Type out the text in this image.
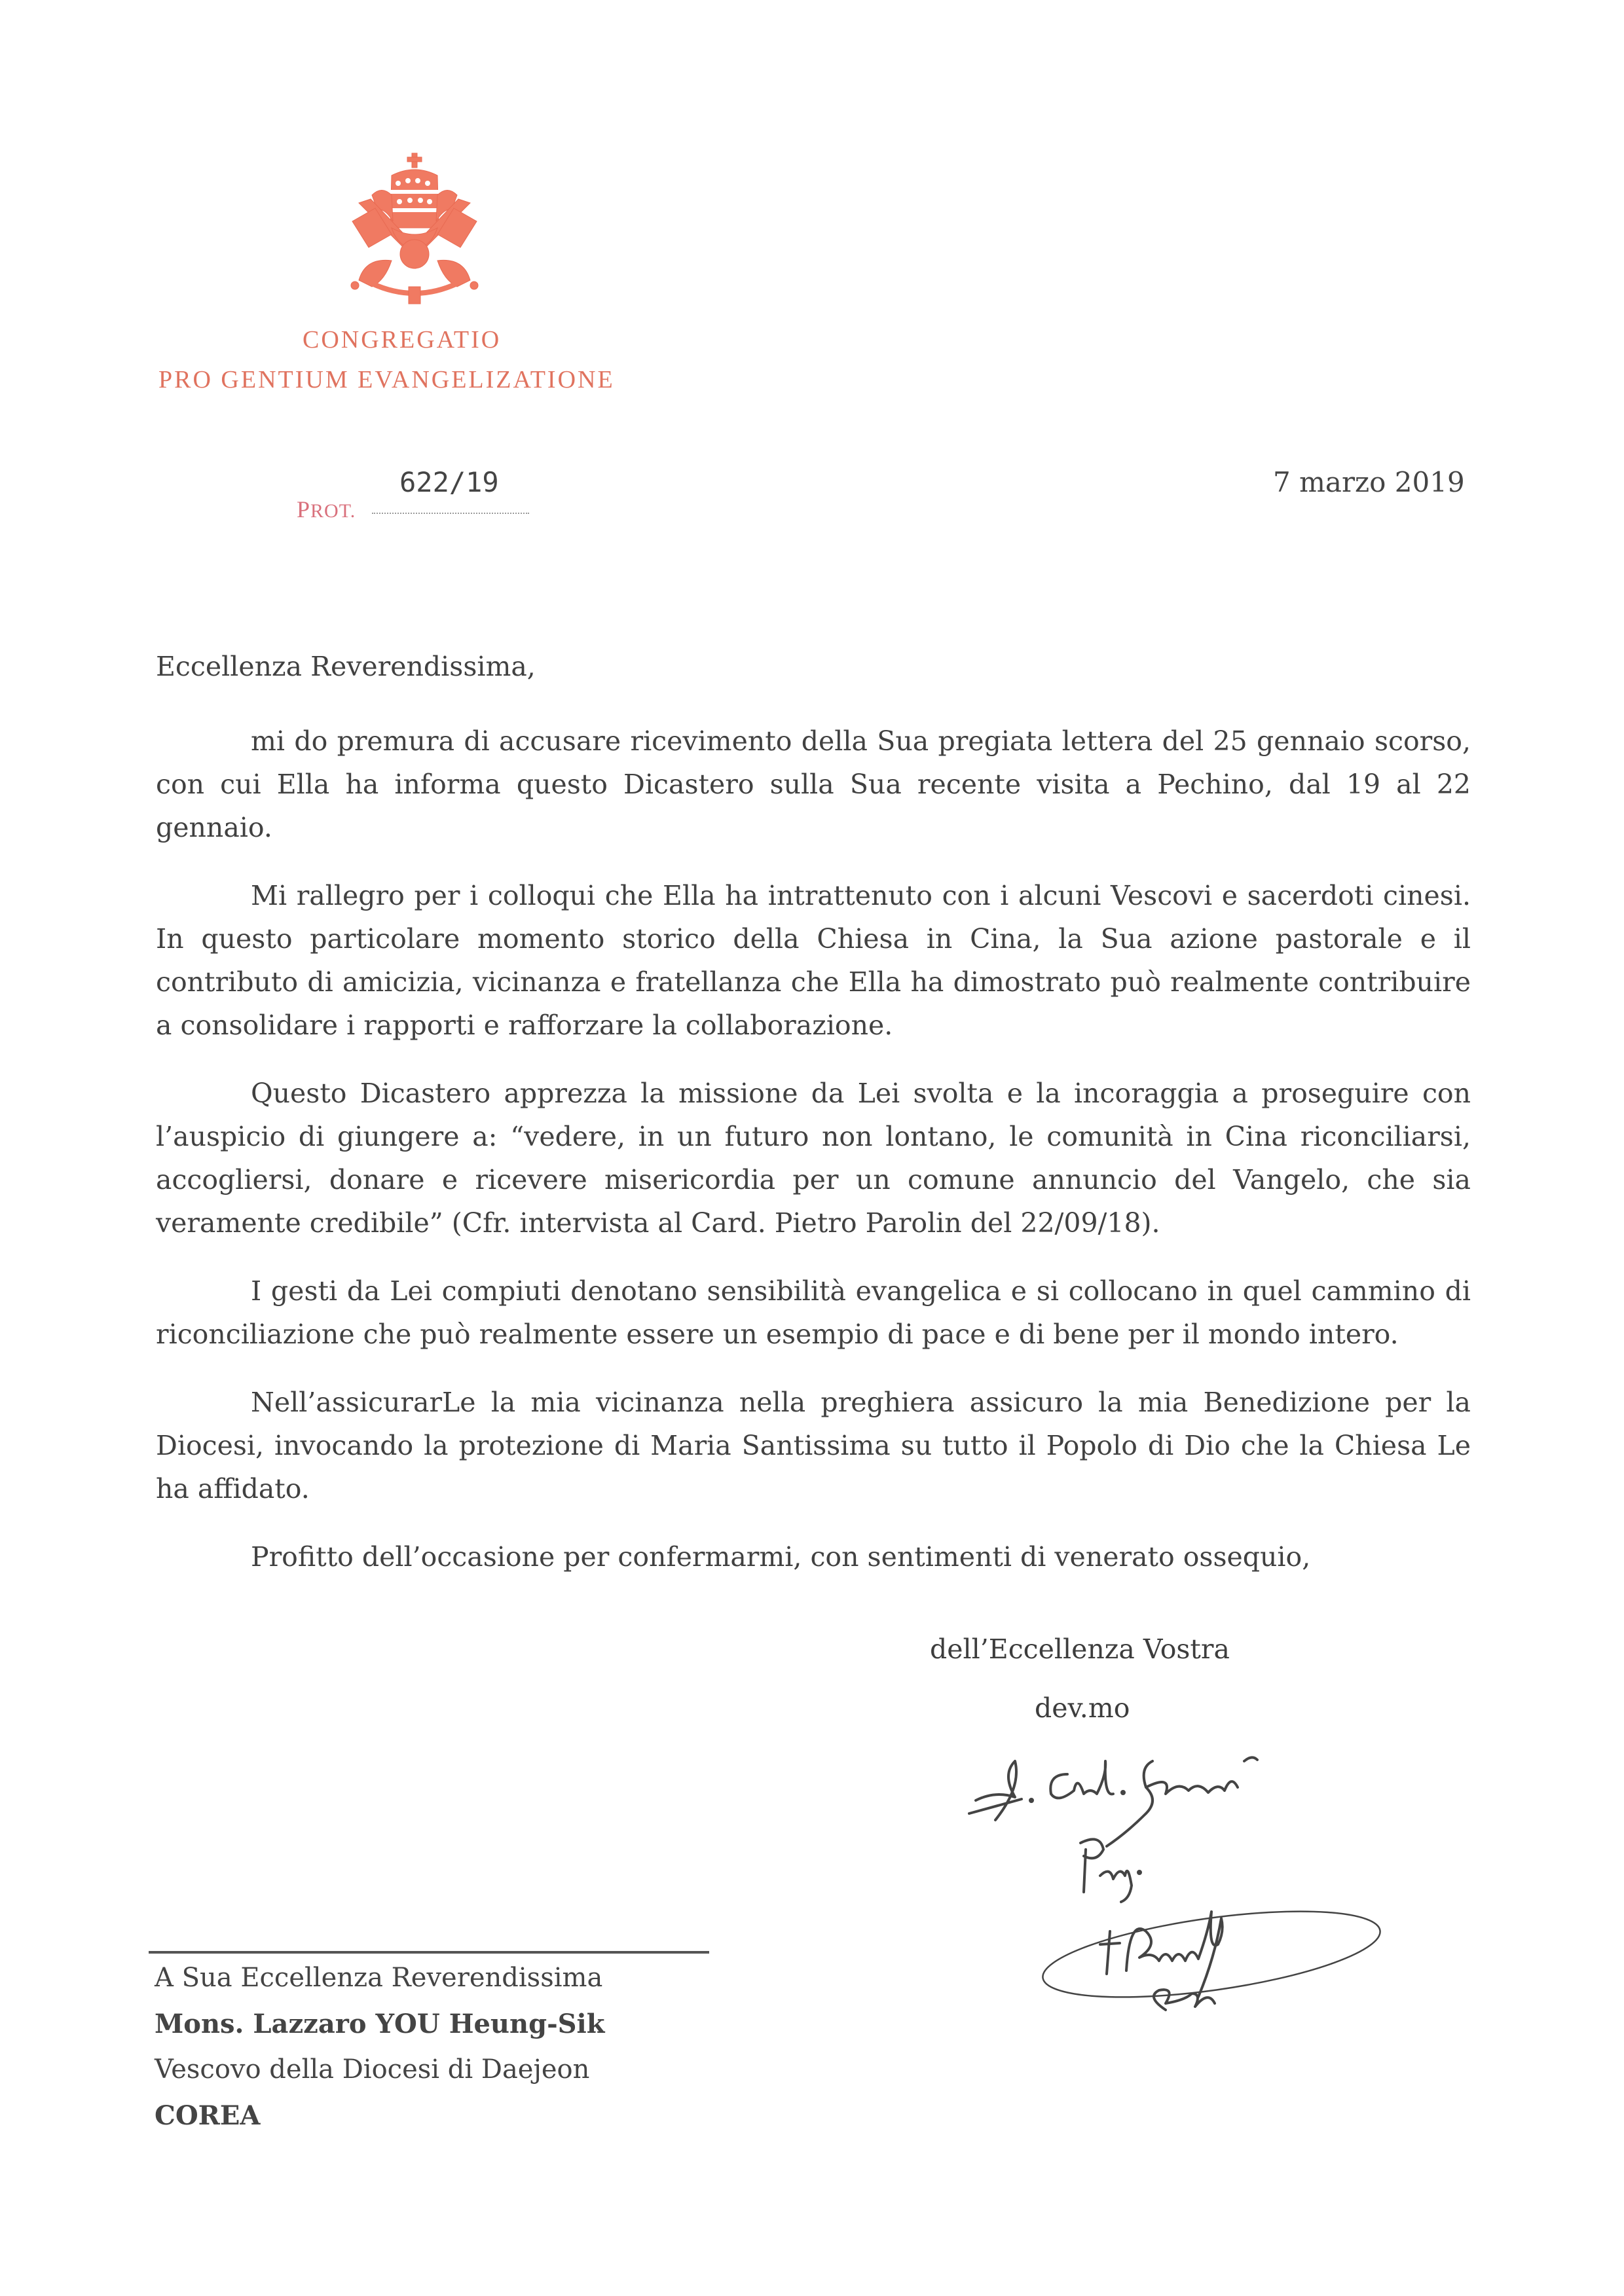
CONGREGATIO
PRO GENTIUM EVANGELIZATIONE
PROT.
622/19	7 marzo 2019

Eccellenza Reverendissima,

mi do premura di accusare ricevimento della Sua pregiata lettera del 25 gennaio scorso, con cui Ella ha informa questo Dicastero sulla Sua recente visita a Pechino, dal 19 al 22 gennaio.

Mi rallegro per i colloqui che Ella ha intrattenuto con i alcuni Vescovi e sacerdoti cinesi. In questo particolare momento storico della Chiesa in Cina, la Sua azione pastorale e il contributo di amicizia, vicinanza e fratellanza che Ella ha dimostrato può realmente contribuire a consolidare i rapporti e rafforzare la collaborazione.

Questo Dicastero apprezza la missione da Lei svolta e la incoraggia a proseguire con l’auspicio di giungere a: “vedere, in un futuro non lontano, le comunità in Cina riconciliarsi, accogliersi, donare e ricevere misericordia per un comune annuncio del Vangelo, che sia veramente credibile” (Cfr. intervista al Card. Pietro Parolin del 22/09/18).

I gesti da Lei compiuti denotano sensibilità evangelica e si collocano in quel cammino di riconciliazione che può realmente essere un esempio di pace e di bene per il mondo intero.

Nell’assicurarLe la mia vicinanza nella preghiera assicuro la mia Benedizione per la Diocesi, invocando la protezione di Maria Santissima su tutto il Popolo di Dio che la Chiesa Le ha affidato.

Profitto dell’occasione per confermarmi, con sentimenti di venerato ossequio,

dell’Eccellenza Vostra
dev.mo
A Sua Eccellenza Reverendissima
Mons. Lazzaro YOU Heung-Sik
Vescovo della Diocesi di Daejeon
COREA
